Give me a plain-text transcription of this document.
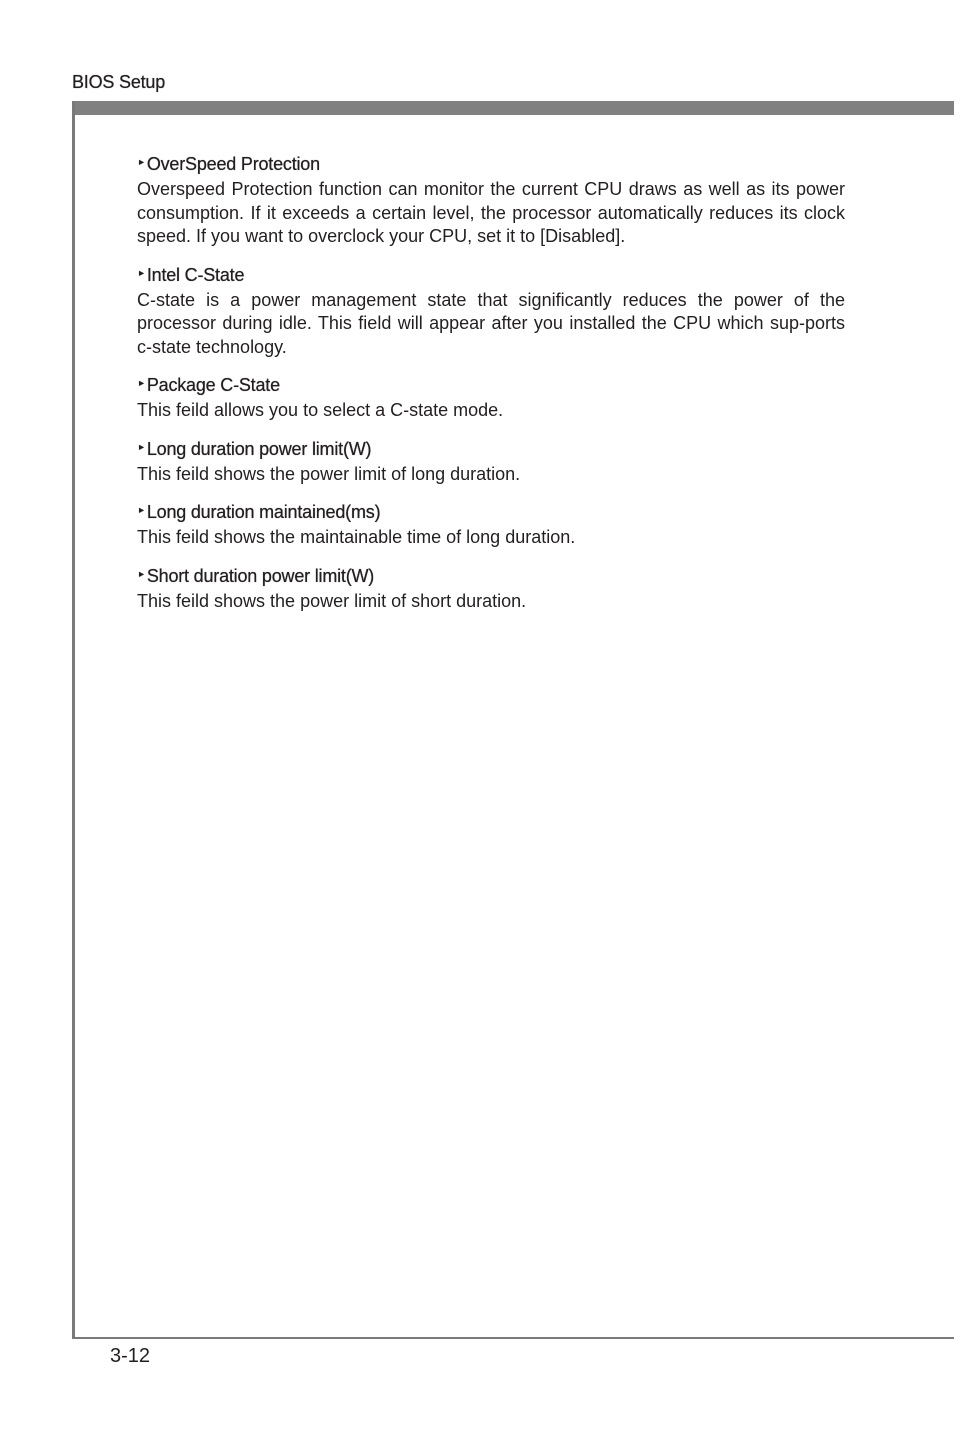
BIOS Setup
▸ OverSpeed Protection
Overspeed Protection function can monitor the current CPU draws as well as its power consumption. If it exceeds a certain level, the processor automatically reduces its clock speed. If you want to overclock your CPU, set it to [Disabled].
▸ Intel C-State
C-state is a power management state that significantly reduces the power of the processor during idle. This field will appear after you installed the CPU which sup-ports c-state technology.
▸ Package C-State
This feild allows you to select a C-state mode.
▸ Long duration power limit(W)
This feild shows the power limit of long duration.
▸ Long duration maintained(ms)
This feild shows the maintainable time of long duration.
▸ Short duration power limit(W)
This feild shows the power limit of short duration.
3-12
